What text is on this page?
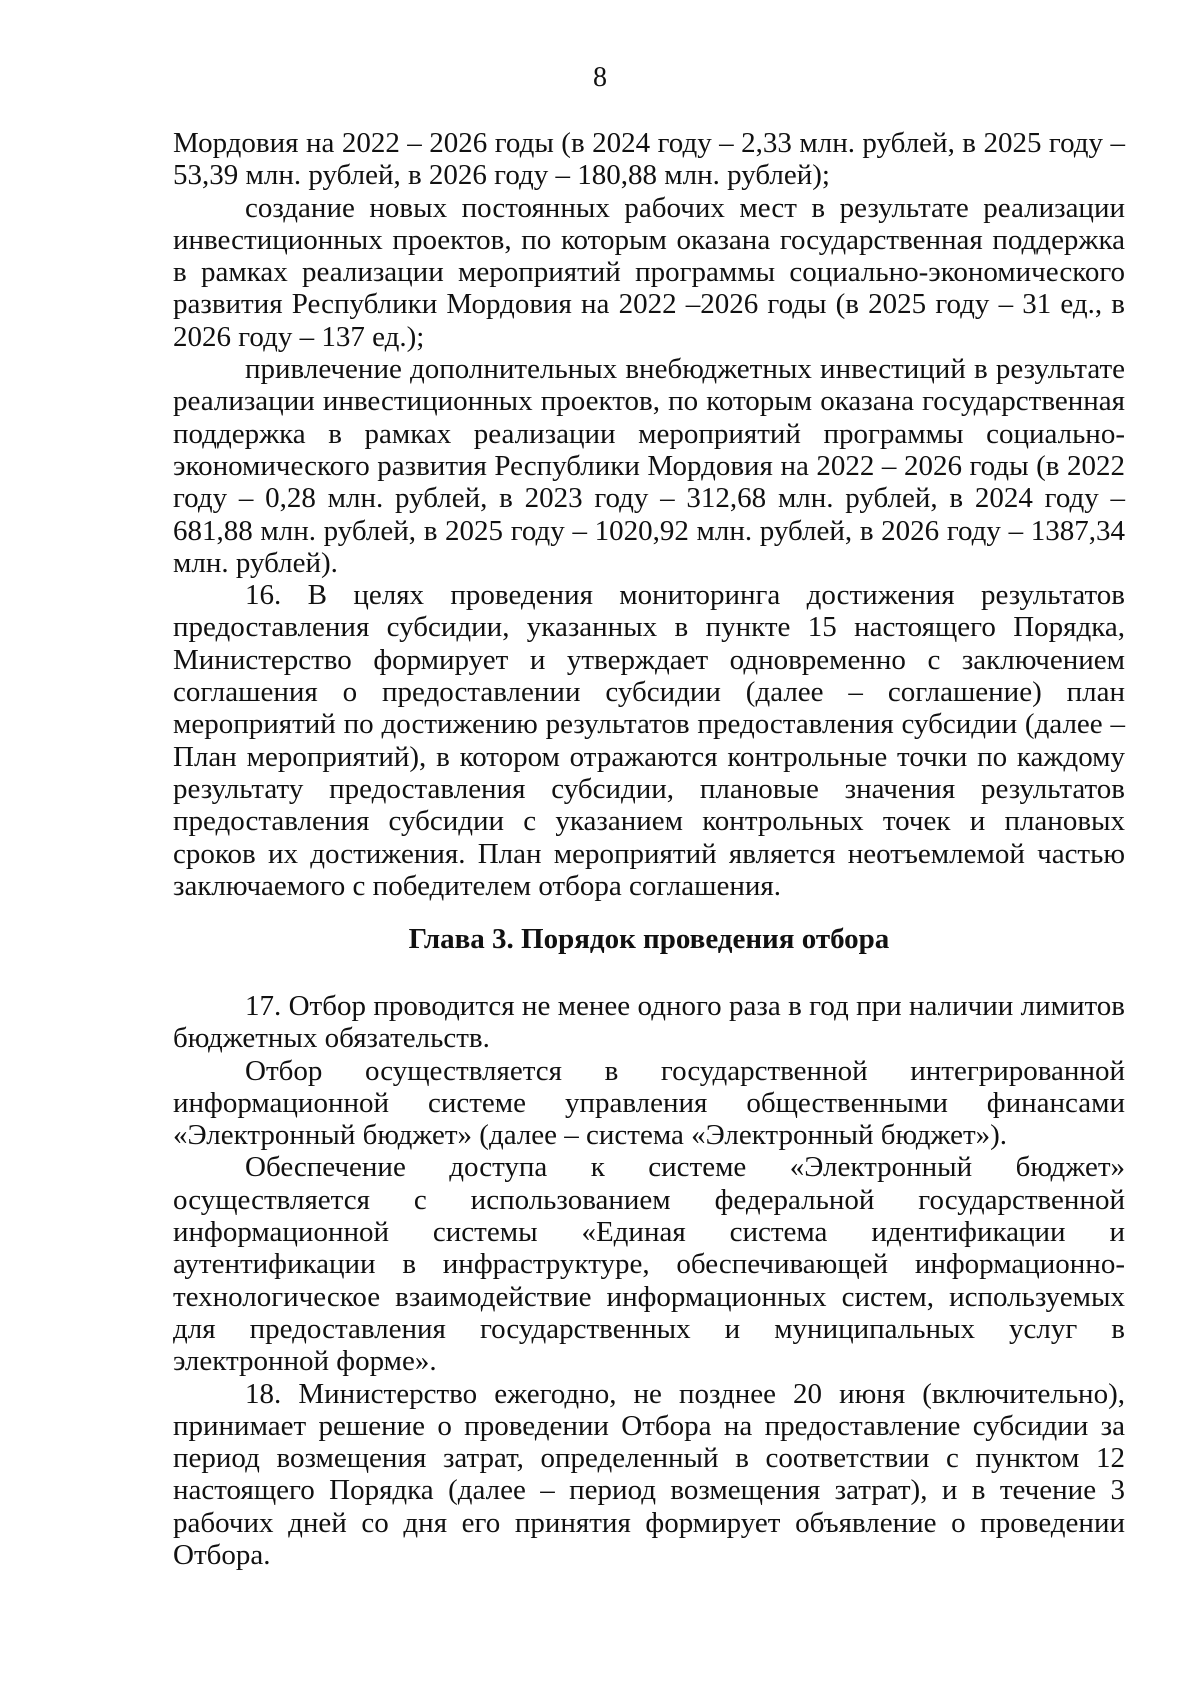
8

Мордовия на 2022 – 2026 годы (в 2024 году – 2,33 млн. рублей, в 2025 году – 53,39 млн. рублей, в 2026 году – 180,88 млн. рублей);

создание новых постоянных рабочих мест в результате реализации инвестиционных проектов, по которым оказана государственная поддержка в рамках реализации мероприятий программы социально-экономического развития Республики Мордовия на 2022 –2026 годы (в 2025 году – 31 ед., в 2026 году – 137 ед.);

привлечение дополнительных внебюджетных инвестиций в результате реализации инвестиционных проектов, по которым оказана государственная поддержка в рамках реализации мероприятий программы социально-экономического развития Республики Мордовия на 2022 – 2026 годы (в 2022 году – 0,28 млн. рублей, в 2023 году – 312,68 млн. рублей, в 2024 году – 681,88 млн. рублей, в 2025 году – 1020,92 млн. рублей, в 2026 году – 1387,34 млн. рублей).

16. В целях проведения мониторинга достижения результатов предоставления субсидии, указанных в пункте 15 настоящего Порядка, Министерство формирует и утверждает одновременно с заключением соглашения о предоставлении субсидии (далее – соглашение) план мероприятий по достижению результатов предоставления субсидии (далее – План мероприятий), в котором отражаются контрольные точки по каждому результату предоставления субсидии, плановые значения результатов предоставления субсидии с указанием контрольных точек и плановых сроков их достижения. План мероприятий является неотъемлемой частью заключаемого с победителем отбора соглашения.

Глава 3. Порядок проведения отбора

17. Отбор проводится не менее одного раза в год при наличии лимитов бюджетных обязательств.

Отбор осуществляется в государственной интегрированной информационной системе управления общественными финансами «Электронный бюджет» (далее – система «Электронный бюджет»).

Обеспечение доступа к системе «Электронный бюджет» осуществляется с использованием федеральной государственной информационной системы «Единая система идентификации и аутентификации в инфраструктуре, обеспечивающей информационно-технологическое взаимодействие информационных систем, используемых для предоставления государственных и муниципальных услуг в электронной форме».

18. Министерство ежегодно, не позднее 20 июня (включительно), принимает решение о проведении Отбора на предоставление субсидии за период возмещения затрат, определенный в соответствии с пунктом 12 настоящего Порядка (далее – период возмещения затрат), и в течение 3 рабочих дней со дня его принятия формирует объявление о проведении Отбора.
